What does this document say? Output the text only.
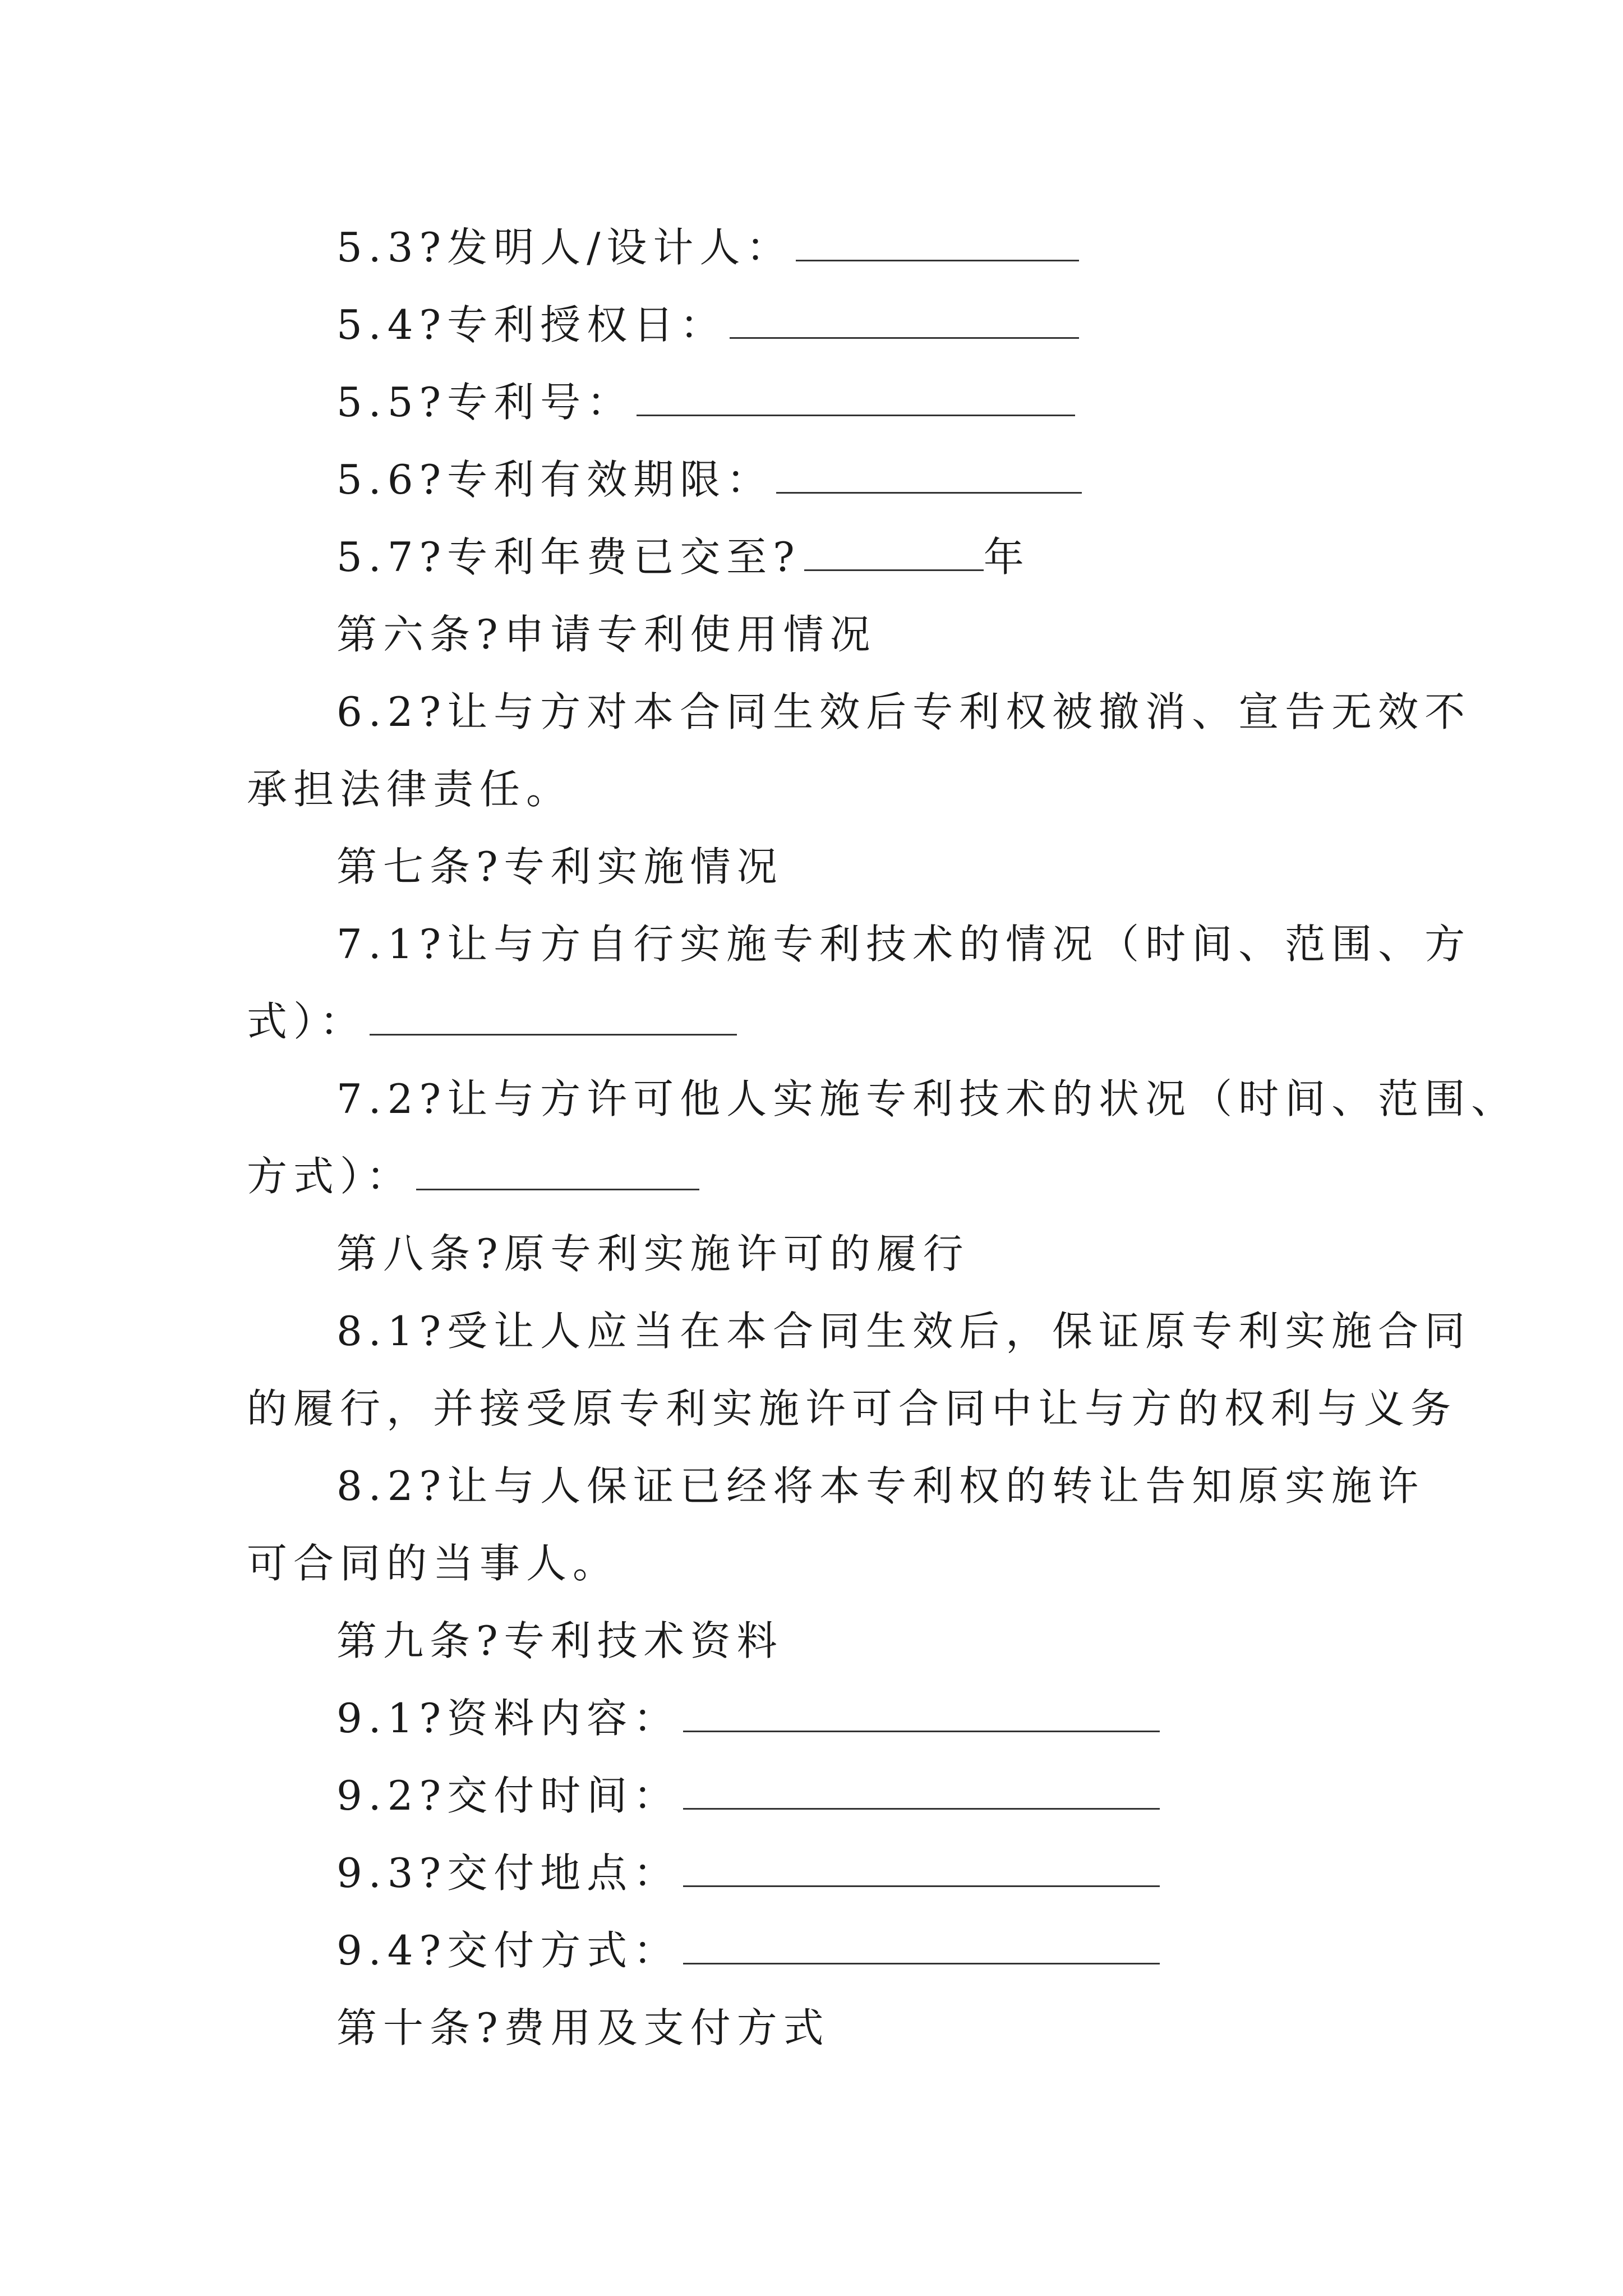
5.3?发明人/设计人：
5.4?专利授权日：
5.5?专利号：
5.6?专利有效期限：
5.7?专利年费已交至?	年
第六条?申请专利使用情况
6.2?让与方对本合同生效后专利权被撤消、宣告无效不
承担法律责任。
第七条?专利实施情况
7.1?让与方自行实施专利技术的情况（时间、范围、方
式）：
7.2?让与方许可他人实施专利技术的状况（时间、范围、
方式）：
第八条?原专利实施许可的履行
8.1?受让人应当在本合同生效后，保证原专利实施合同
的履行，并接受原专利实施许可合同中让与方的权利与义务
8.2?让与人保证已经将本专利权的转让告知原实施许
可合同的当事人。
第九条?专利技术资料
9.1?资料内容：
9.2?交付时间：
9.3?交付地点：
9.4?交付方式：
第十条?费用及支付方式
